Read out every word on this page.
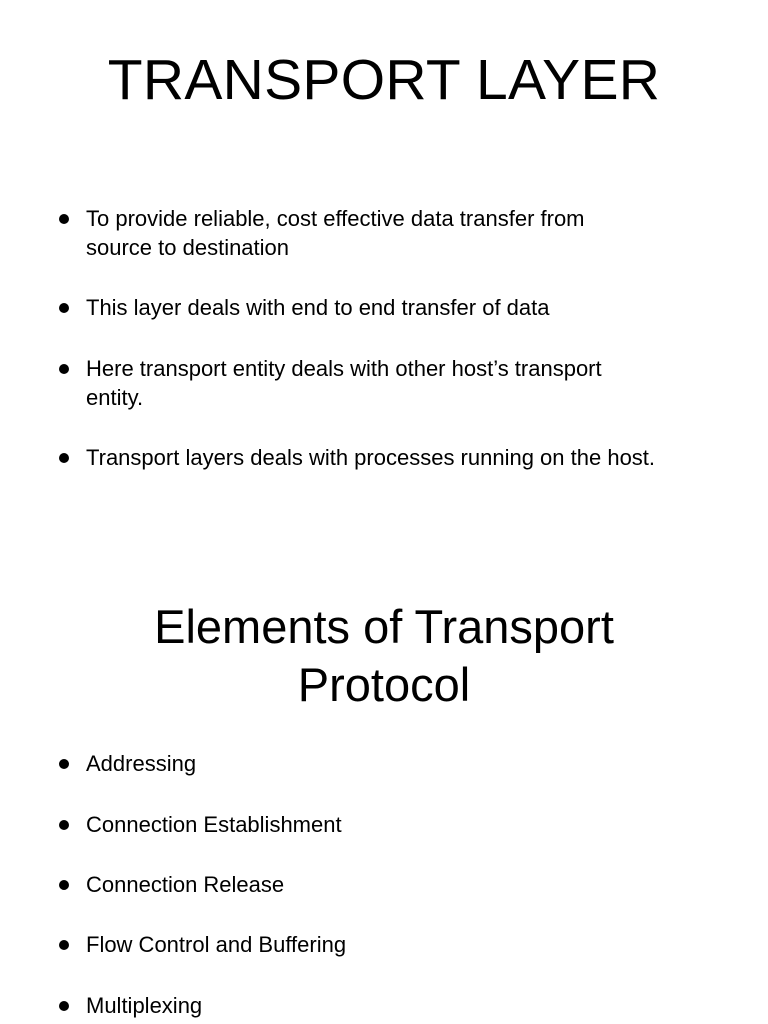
TRANSPORT LAYER
To provide reliable, cost effective data transfer from
source to destination
This layer deals with end to end transfer of data
Here transport entity deals with other host’s transport
entity.
Transport layers deals with processes running on the host.
Elements of Transport
Protocol
Addressing
Connection Establishment
Connection Release
Flow Control and Buffering
Multiplexing
